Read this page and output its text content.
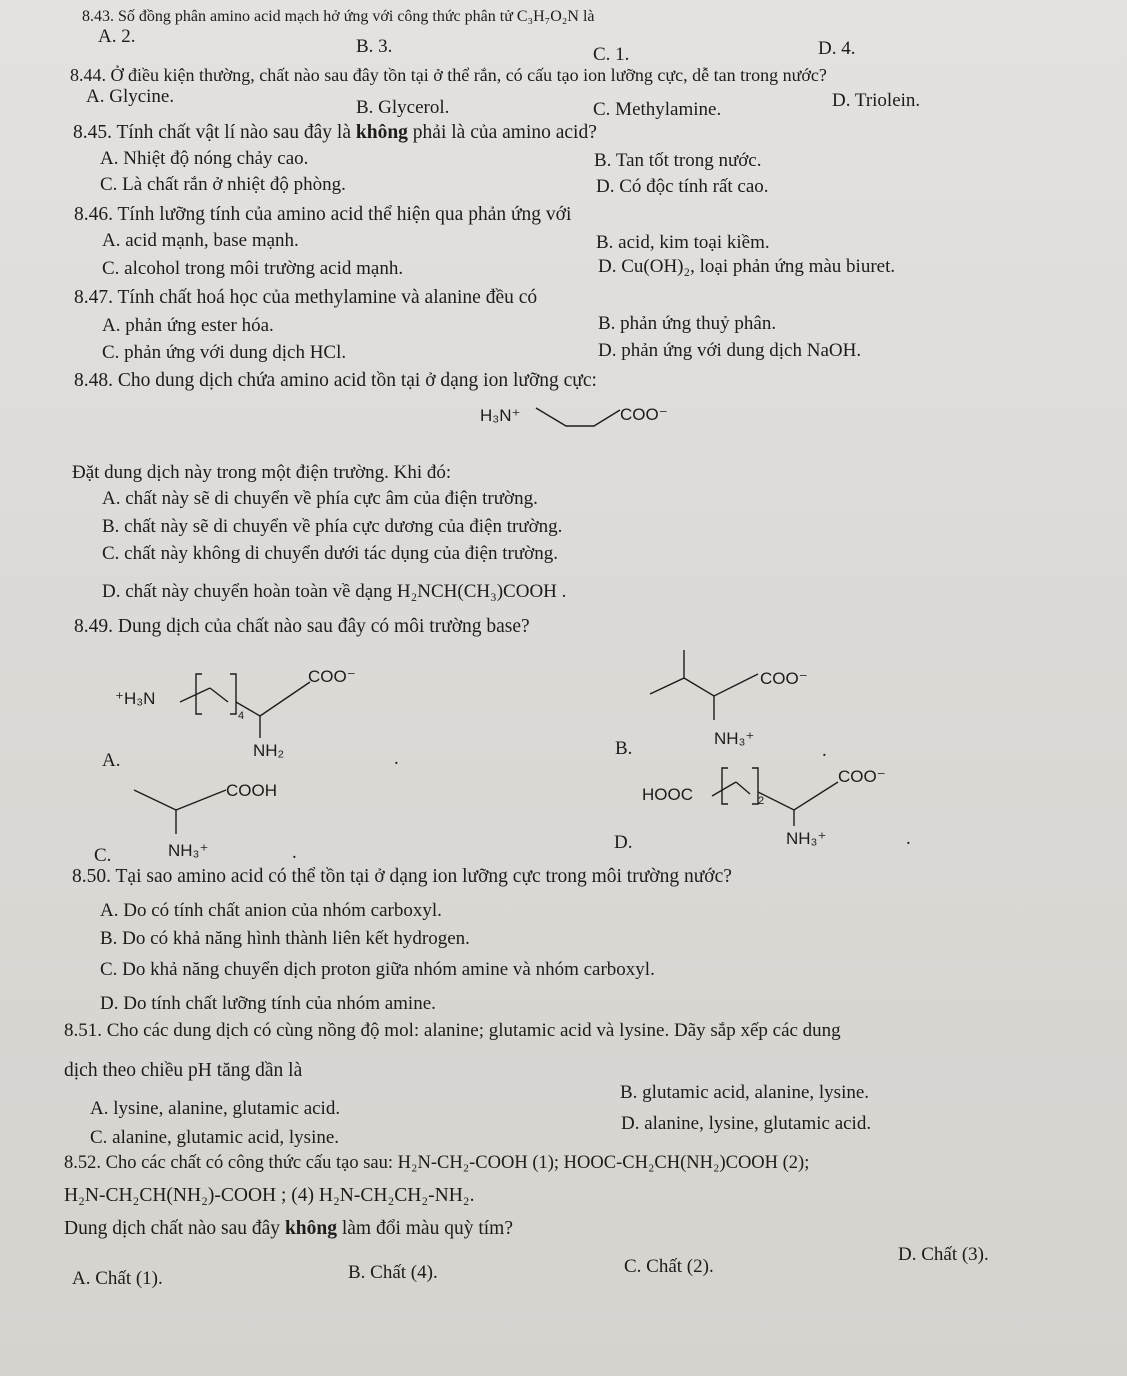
8.43. Số đồng phân amino acid mạch hở ứng với công thức phân tử C₃H₇O₂N là
A. 2.	B. 3.	C. 1.	D. 4.
8.44. Ở điều kiện thường, chất nào sau đây tồn tại ở thể rắn, có cấu tạo ion lưỡng cực, dễ tan trong nước?
A. Glycine.
B. Glycerol.	C. Methylamine.	D. Triolein.
8.45. Tính chất vật lí nào sau đây là không phải là của amino acid?
A. Nhiệt độ nóng chảy cao.	B. Tan tốt trong nước.
C. Là chất rắn ở nhiệt độ phòng.	D. Có độc tính rất cao.
8.46. Tính lưỡng tính của amino acid thể hiện qua phản ứng với
A. acid mạnh, base mạnh.	B. acid, kim toại kiềm.
C. alcohol trong môi trường acid mạnh.	D. Cu(OH)₂, loại phản ứng màu biuret.
8.47. Tính chất hoá học của methylamine và alanine đều có
A. phản ứng ester hóa.	B. phản ứng thuỷ phân.
C. phản ứng với dung dịch HCl.	D. phản ứng với dung dịch NaOH.
8.48. Cho dung dịch chứa amino acid tồn tại ở dạng ion lưỡng cực:
H₃N⁺	COO⁻
Đặt dung dịch này trong một điện trường. Khi đó:
A. chất này sẽ di chuyển về phía cực âm của điện trường.
B. chất này sẽ di chuyển về phía cực dương của điện trường.
C. chất này không di chuyển dưới tác dụng của điện trường.
D. chất này chuyển hoàn toàn về dạng H₂NCH(CH₃)COOH .
8.49. Dung dịch của chất nào sau đây có môi trường base?
A.
⁺H₃N
4
COO⁻
NH₂	.	B.
COO⁻
NH₃⁺
.
C.
COOH
NH₃⁺	.	D.
HOOC	2
COO⁻
NH₃⁺	.
8.50. Tại sao amino acid có thể tồn tại ở dạng ion lưỡng cực trong môi trường nước?
A. Do có tính chất anion của nhóm carboxyl.
B. Do có khả năng hình thành liên kết hydrogen.
C. Do khả năng chuyển dịch proton giữa nhóm amine và nhóm carboxyl.
D. Do tính chất lưỡng tính của nhóm amine.
8.51. Cho các dung dịch có cùng nồng độ mol: alanine; glutamic acid và lysine. Dãy sắp xếp các dung
dịch theo chiều pH tăng dần là
A. lysine, alanine, glutamic acid.
B. glutamic acid, alanine, lysine.
C. alanine, glutamic acid, lysine.
D. alanine, lysine, glutamic acid.
8.52. Cho các chất có công thức cấu tạo sau: H₂N-CH₂-COOH (1); HOOC-CH₂CH(NH₂)COOH (2);
H₂N-CH₂CH(NH₂)-COOH ; (4) H₂N-CH₂CH₂-NH₂.
Dung dịch chất nào sau đây không làm đổi màu quỳ tím?
A. Chất (1).	B. Chất (4).	C. Chất (2).
D. Chất (3).
